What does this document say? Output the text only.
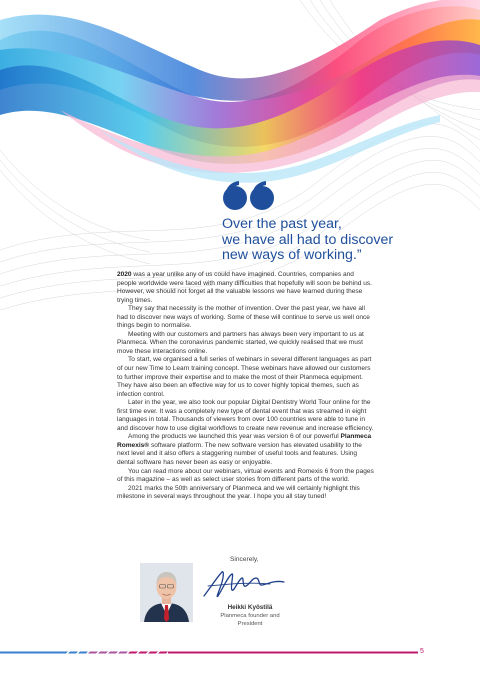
Over the past year,
we have all had to discover
new ways of working.”

2020 was a year unlike any of us could have imagined. Countries, companies and people worldwide were faced with many difficulties that hopefully will soon be behind us. However, we should not forget all the valuable lessons we have learned during these trying times.

They say that necessity is the mother of invention. Over the past year, we have all had to discover new ways of working. Some of these will continue to serve us well once things begin to normalise.

Meeting with our customers and partners has always been very important to us at Planmeca. When the coronavirus pandemic started, we quickly realised that we must move these interactions online.

To start, we organised a full series of webinars in several different languages as part of our new Time to Learn training concept. These webinars have allowed our customers to further improve their expertise and to make the most of their Planmeca equipment. They have also been an effective way for us to cover highly topical themes, such as infection control.

Later in the year, we also took our popular Digital Dentistry World Tour online for the first time ever. It was a completely new type of dental event that was streamed in eight languages in total. Thousands of viewers from over 100 countries were able to tune in and discover how to use digital workflows to create new revenue and increase efficiency.

Among the products we launched this year was version 6 of our powerful Planmeca Romexis® software platform. The new software version has elevated usability to the next level and it also offers a staggering number of useful tools and features. Using dental software has never been as easy or enjoyable.

You can read more about our webinars, virtual events and Romexis 6 from the pages of this magazine – as well as select user stories from different parts of the world.

2021 marks the 50th anniversary of Planmeca and we will certainly highlight this milestone in several ways throughout the year. I hope you all stay tuned!

Sincerely,
Heikki Kyöstilä
Planmeca founder and
President
5
